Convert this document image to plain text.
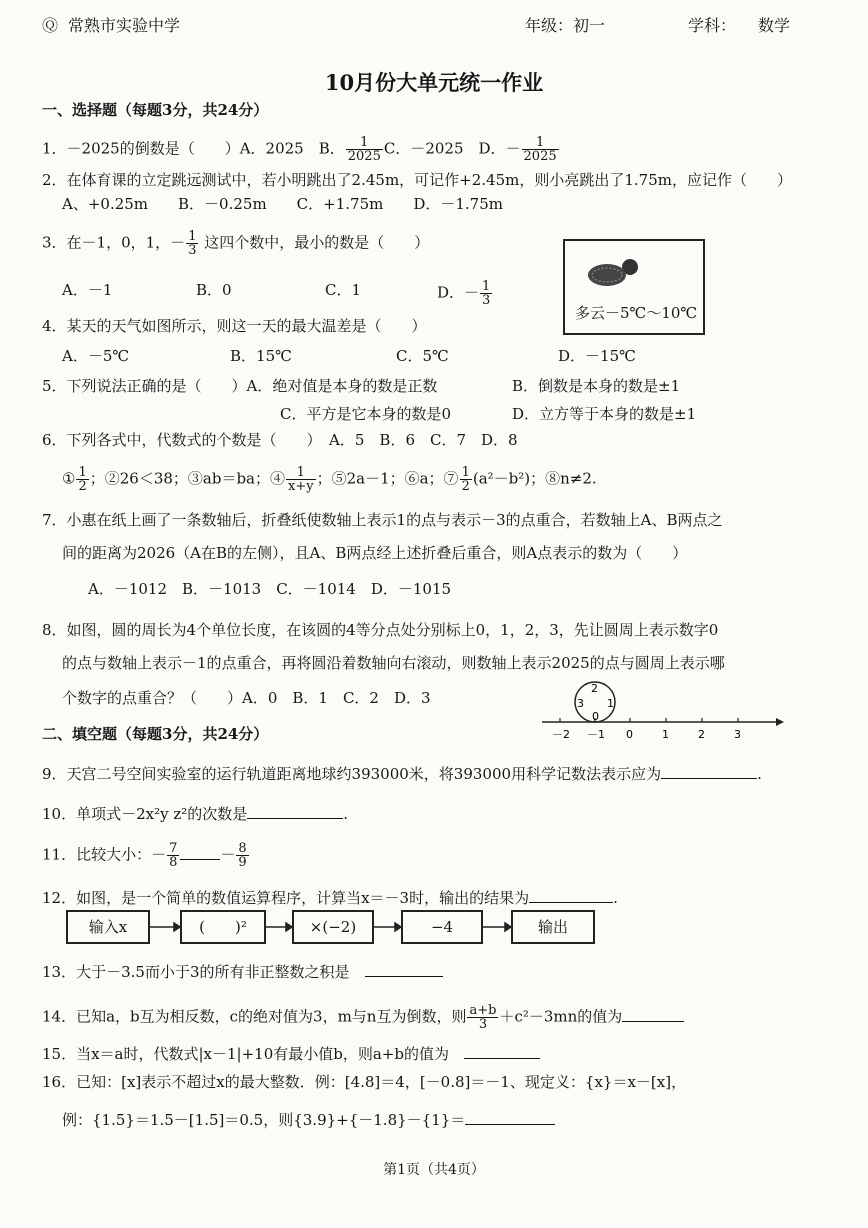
Ⓠ 常熟市实验中学	年级：初一	学科： 数学
10月份大单元统一作业
一、选择题（每题3分，共24分）
1．－2025的倒数是（　　）A．2025　B． $\frac{1}{2025}$ C．－2025　D．－ $\frac{1}{2025}$
2．在体育课的立定跳远测试中，若小明跳出了2.45m，可记作+2.45m，则小亮跳出了1.75m，应记作（　　）
A、+0.25m　　B．－0.25m　　C．+1.75m　　D．－1.75m
3．在－1，0，1，－ $\frac{1}{3}$ 这四个数中，最小的数是（　　）
A．－1	B．0	C．1	D．－ $\frac{1}{3}$
多云－5℃～10℃
4．某天的天气如图所示，则这一天的最大温差是（　　）
A．－5℃	B．15℃	C．5℃	D．－15℃
5．下列说法正确的是（　　）A．绝对值是本身的数是正数	B．倒数是本身的数是±1
C．平方是它本身的数是0	D．立方等于本身的数是±1
6．下列各式中，代数式的个数是（　　）　A．5　B．6　C．7　D．8
① $\frac{1}{2}$ ；②26＜38；③ab＝ba；④ $\frac{1}{x+y}$ ；⑤2a－1；⑥a；⑦ $\frac{1}{2} (a^2-b^2)$；⑧n≠2.
7．小惠在纸上画了一条数轴后，折叠纸使数轴上表示1的点与表示－3的点重合，若数轴上A、B两点之
间的距离为2026（A在B的左侧），且A、B两点经上述折叠后重合，则A点表示的数为（　　）
A．－1012　B．－1013　C．－1014　D．－1015
8．如图，圆的周长为4个单位长度，在该圆的4等分点处分别标上0，1，2，3，先让圆周上表示数字0
的点与数轴上表示－1的点重合，再将圆沿着数轴向右滚动，则数轴上表示2025的点与圆周上表示哪
个数字的点重合？（　　）A．0　B．1　C．2　D．3
2
3 1
0
－2 －1 0	1	2	3
二、填空题（每题3分，共24分）
9．天宫二号空间实验室的运行轨道距离地球约393000米，将393000用科学记数法表示应为	.
10．单项式－2x²y z²的次数是	.
11．比较大小：－ $\frac{7}{8}$	－ $\frac{8}{9}$
12．如图，是一个简单的数值运算程序，计算当x＝－3时，输出的结果为	.
输入x	(　　)²	×(−2)	−4	输出
13．大于－3.5而小于3的所有非正整数之积是　
14．已知a，b互为相反数，c的绝对值为3，m与n互为倒数，则 $\frac{a+b}{3} +c^2-3mn$的值为
15．当x＝a时，代数式|x－1|+10有最小值b，则a+b的值为　
16．已知：[x]表示不超过x的最大整数．例：[4.8]＝4，[－0.8]＝－1、现定义：{x}＝x－[x]，
例：{1.5}＝1.5－[1.5]＝0.5，则{3.9}+{－1.8}－{1}＝
第1页（共4页）
